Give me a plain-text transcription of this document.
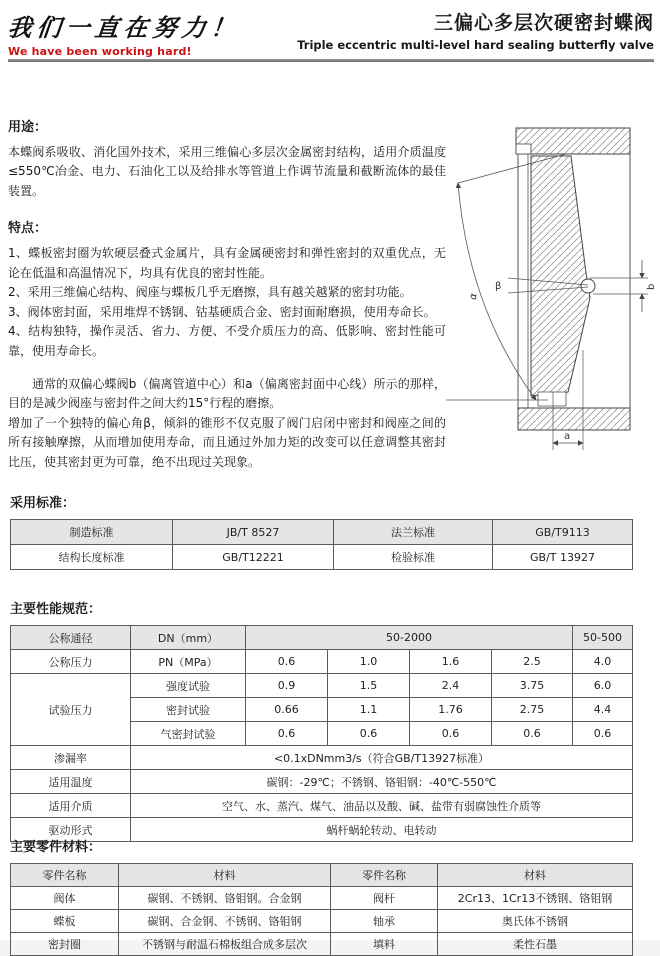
我们一直在努力！
We have been working hard!
三偏心多层次硬密封蝶阀
Triple eccentric multi-level hard sealing butterfly valve
用途：

本蝶阀系吸收、消化国外技术，采用三维偏心多层次金属密封结构，适用介质温度≤550℃冶金、电力、石油化工以及给排水等管道上作调节流量和截断流体的最佳装置。

特点：

1、蝶板密封圈为软硬层叠式金属片，具有金属硬密封和弹性密封的双重优点，无论在低温和高温情况下，均具有优良的密封性能。

2、采用三维偏心结构、阀座与蝶板几乎无磨擦，具有越关越紧的密封功能。

3、阀体密封面，采用堆焊不锈钢、钴基硬质合金、密封面耐磨损，使用寿命长。

4、结构独特，操作灵活、省力、方便、不受介质压力的高、低影响、密封性能可靠，使用寿命长。

通常的双偏心蝶阀b（偏离管道中心）和a（偏离密封面中心线）所示的那样，目的是减少阀座与密封件之间大约15°行程的磨擦。

增加了一个独特的偏心角β，倾斜的锥形不仅克服了阀门启闭中密封和阀座之间的所有接触摩擦，从而增加使用寿命，而且通过外加力矩的改变可以任意调整其密封比压，使其密封更为可靠，绝不出现过关现象。

α
β	b
a
采用标准：
制造标准	JB/T 8527	法兰标准	GB/T9113
结构长度标准	GB/T12221	检验标准	GB/T 13927
主要性能规范：
公称通径	DN（mm）	50-2000				50-500
公称压力	PN（MPa）	0.6	1.0	1.6	2.5	4.0
试验压力	强度试验	0.9	1.5	2.4	3.75	6.0
	密封试验	0.66	1.1	1.76	2.75	4.4
	气密封试验	0.6	0.6	0.6	0.6	0.6
渗漏率	<0.1xDNmm3/s（符合GB/T13927标准）					
适用温度	碳钢：-29℃；不锈钢、铬钼钢：-40℃-550℃					
适用介质	空气、水、蒸汽、煤气、油品以及酸、碱、盐带有弱腐蚀性介质等					
驱动形式	蜗杆蜗轮转动、电转动					
主要零件材料：
零件名称	材料	零件名称	材料
阀体	碳钢、不锈钢、铬钼钢。合金钢	阀杆	2Cr13、1Cr13不锈钢、铬钼钢
蝶板	碳钢、合金钢、不锈钢、铬钼钢	轴承	奥氏体不锈钢
密封圈	不锈钢与耐温石棉板组合成多层次	填料	柔性石墨
